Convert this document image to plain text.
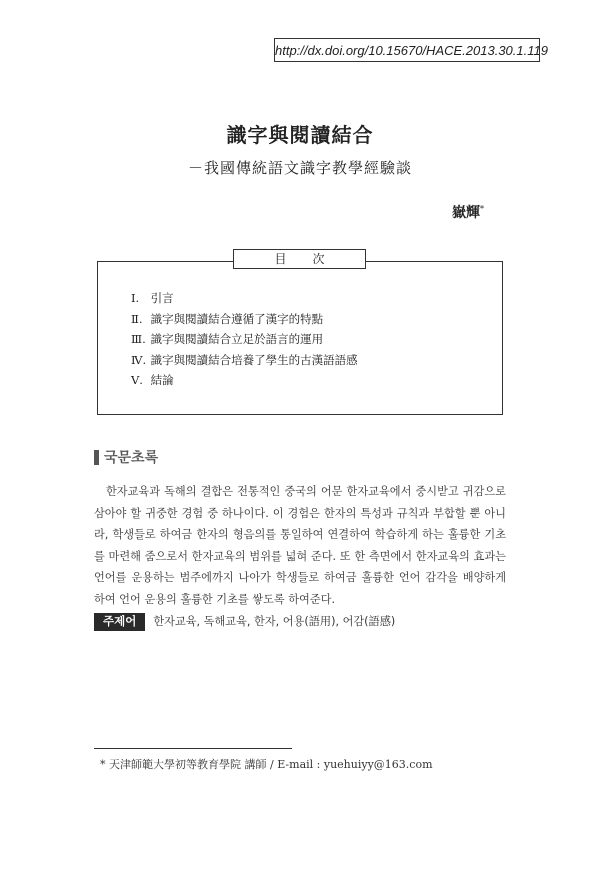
http://dx.doi.org/10.15670/HACE.2013.30.1.119
識字與閱讀結合
－我國傳統語文識字教學經驗談
嶽輝*
目次
Ⅰ. 引言
Ⅱ. 識字與閱讀結合遵循了漢字的特點
Ⅲ. 識字與閱讀結合立足於語言的運用
Ⅳ. 識字與閱讀結合培養了學生的古漢語語感
Ⅴ. 結論
국문초록

한자교육과 독해의 결합은 전통적인 중국의 어문 한자교육에서 중시받고 귀감으로 삼아야 할 귀중한 경험 중 하나이다. 이 경험은 한자의 특성과 규칙과 부합할 뿐 아니라, 학생들로 하여금 한자의 형음의를 통일하여 연결하여 학습하게 하는 훌륭한 기초를 마련해 줌으로서 한자교육의 범위를 넓혀 준다. 또 한 측면에서 한자교육의 효과는 언어를 운용하는 범주에까지 나아가 학생들로 하여금 훌륭한 언어 감각을 배양하게 하여 언어 운용의 훌륭한 기초를 쌓도록 하여준다.

주제어 한자교육, 독해교육, 한자, 어용(語用), 어감(語感)
* 天津師範大學初等教育學院 講師 / E-mail : yuehuiyy@163.com
